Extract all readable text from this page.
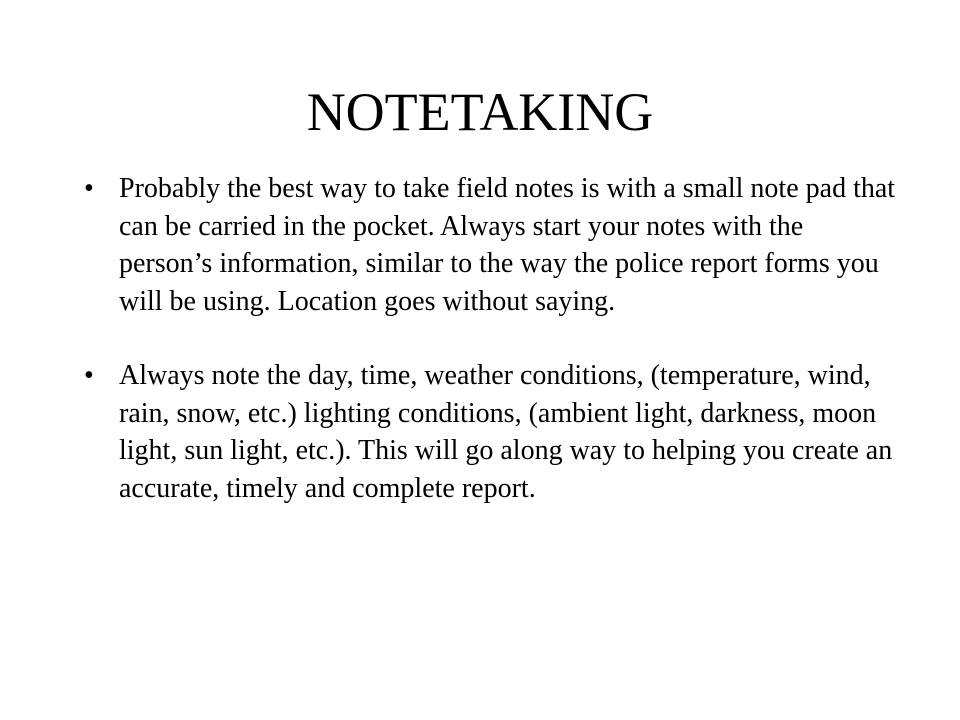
NOTETAKING
• Probably the best way to take field notes is with a small note pad that can be carried in the pocket. Always start your notes with the person’s information, similar to the way the police report forms you will be using. Location goes without saying.
• Always note the day, time, weather conditions, (temperature, wind, rain, snow, etc.) lighting conditions, (ambient light, darkness, moon light, sun light, etc.). This will go along way to helping you create an accurate, timely and complete report.
